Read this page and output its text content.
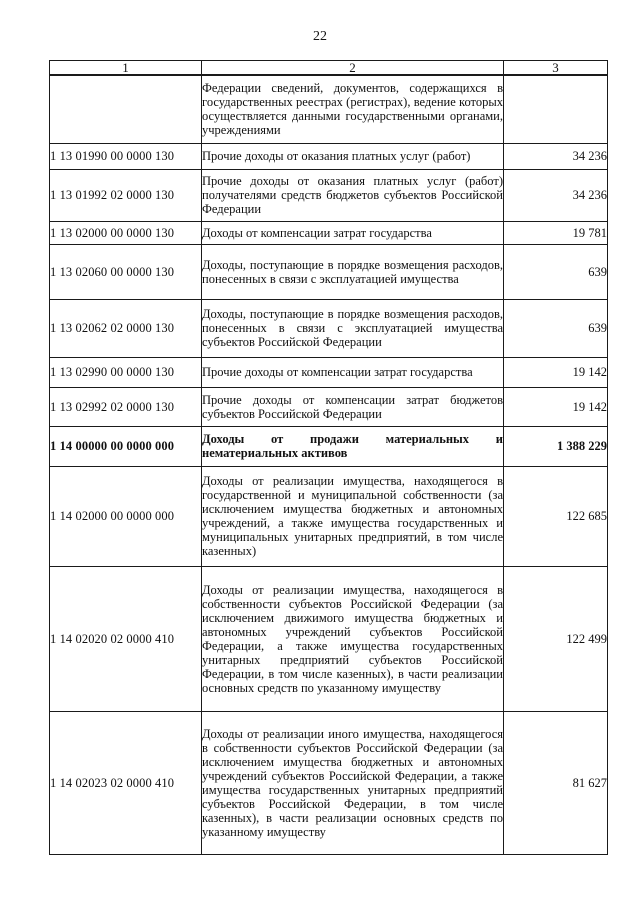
22
1	2	3
	Федерации сведений, документов, содержащихся в государственных реестрах (регистрах), ведение которых осуществляется данными государственными органами, учреждениями	
1 13 01990 00 0000 130	Прочие доходы от оказания платных услуг (работ)	34 236
1 13 01992 02 0000 130	Прочие доходы от оказания платных услуг (работ) получателями средств бюджетов субъектов Российской Федерации	34 236
1 13 02000 00 0000 130	Доходы от компенсации затрат государства	19 781
1 13 02060 00 0000 130	Доходы, поступающие в порядке возмещения расходов, понесенных в связи с эксплуатацией имущества	639
1 13 02062 02 0000 130	Доходы, поступающие в порядке возмещения расходов, понесенных в связи с эксплуатацией имущества субъектов Российской Федерации	639
1 13 02990 00 0000 130	Прочие доходы от компенсации затрат государства	19 142
1 13 02992 02 0000 130	Прочие доходы от компенсации затрат бюджетов субъектов Российской Федерации	19 142
1 14 00000 00 0000 000	Доходы от продажи материальных и нематериальных активов	1 388 229
1 14 02000 00 0000 000	Доходы от реализации имущества, находящегося в государственной и муниципальной собственности (за исключением имущества бюджетных и автономных учреждений, а также имущества государственных и муниципальных унитарных предприятий, в том числе казенных)	122 685
1 14 02020 02 0000 410	Доходы от реализации имущества, находящегося в собственности субъектов Российской Федерации (за исключением движимого имущества бюджетных и автономных учреждений субъектов Российской Федерации, а также имущества государственных унитарных предприятий субъектов Российской Федерации, в том числе казенных), в части реализации основных средств по указанному имуществу	122 499
1 14 02023 02 0000 410	Доходы от реализации иного имущества, находящегося в собственности субъектов Российской Федерации (за исключением имущества бюджетных и автономных учреждений субъектов Российской Федерации, а также имущества государственных унитарных предприятий субъектов Российской Федерации, в том числе казенных), в части реализации основных средств по указанному имуществу	81 627
